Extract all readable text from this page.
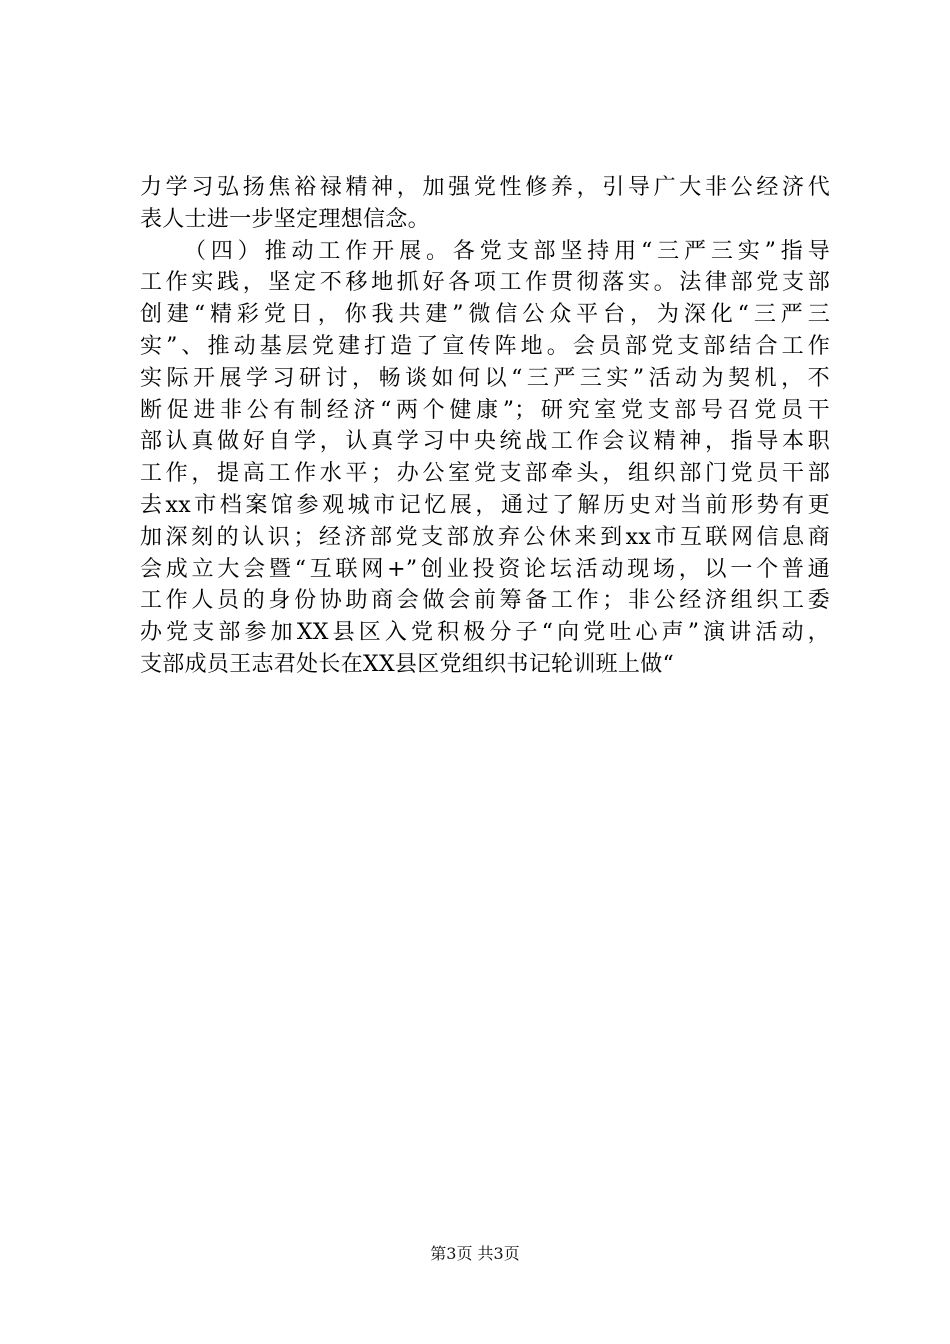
力学习弘扬焦裕禄精神，加强党性修养，引导广大非公经济代
表人士进一步坚定理想信念。
（四）推动工作开展。各党支部坚持用“三严三实”指导
工作实践，坚定不移地抓好各项工作贯彻落实。法律部党支部
创建“精彩党日，你我共建”微信公众平台，为深化“三严三
实”、推动基层党建打造了宣传阵地。会员部党支部结合工作
实际开展学习研讨，畅谈如何以“三严三实”活动为契机，不
断促进非公有制经济“两个健康”；研究室党支部号召党员干
部认真做好自学，认真学习中央统战工作会议精神，指导本职
工作，提高工作水平；办公室党支部牵头，组织部门党员干部
去xx市档案馆参观城市记忆展，通过了解历史对当前形势有更
加深刻的认识；经济部党支部放弃公休来到xx市互联网信息商
会成立大会暨“互联网+”创业投资论坛活动现场，以一个普通
工作人员的身份协助商会做会前筹备工作；非公经济组织工委
办党支部参加XX县区入党积极分子“向党吐心声”演讲活动，
支部成员王志君处长在XX县区党组织书记轮训班上做“
第3页 共3页
